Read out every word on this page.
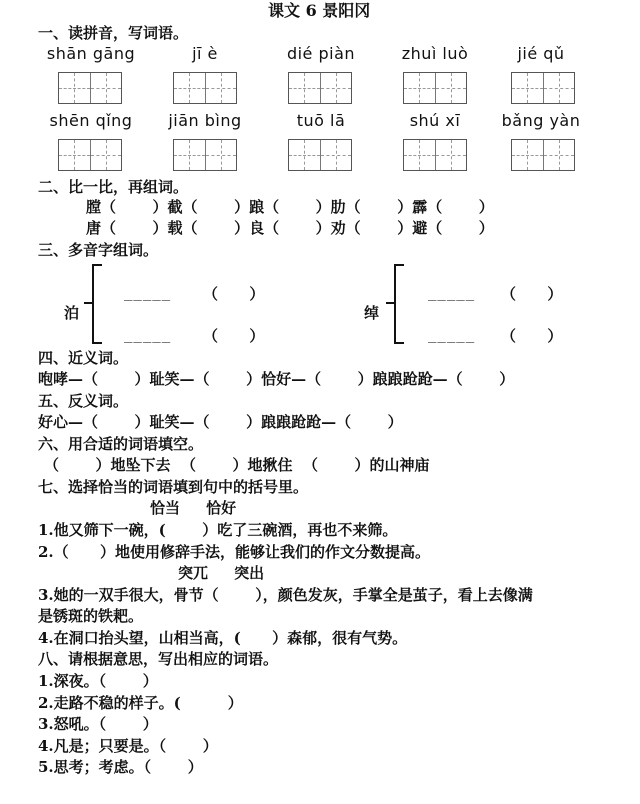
课文 6 景阳冈
一、读拼音，写词语。
shān gāng	jī è	dié piàn	zhuì luò	jié qǔ
shēn qǐng	jiān bìng	tuō lā	shú xī	bǎng yàn
二、比一比，再组词。
膛（       ）截（       ）踉（       ）肋（       ）霹（       ）
唐（       ）载（       ）良（       ）劝（       ）避（       ）
三、多音字组词。
泊
_____ （      ）
_____ （      ）
绰
_____ （      ）
_____ （      ）
四、近义词。
咆哮—（       ）耻笑—（       ）恰好—（       ）踉踉跄跄—（       ）
五、反义词。
好心—（       ）耻笑—（       ）踉踉跄跄—（       ）
六、用合适的词语填空。
（       ）地坠下去  （       ）地揪住  （       ）的山神庙
七、选择恰当的词语填到句中的括号里。
恰当     恰好
1.他又筛下一碗，(       ）吃了三碗酒，再也不来筛。
2.（      ）地使用修辞手法，能够让我们的作文分数提高。
突兀     突出
3.她的一双手很大，骨节（       ），颜色发灰，手掌全是茧子，看上去像满
是锈斑的铁耙。
4.在洞口抬头望，山相当高，(      ）森郁，很有气势。
八、请根据意思，写出相应的词语。
1.深夜。（       ）
2.走路不稳的样子。(         ）
3.怒吼。（       ）
4.凡是；只要是。（       ）
5.思考；考虑。（       ）
